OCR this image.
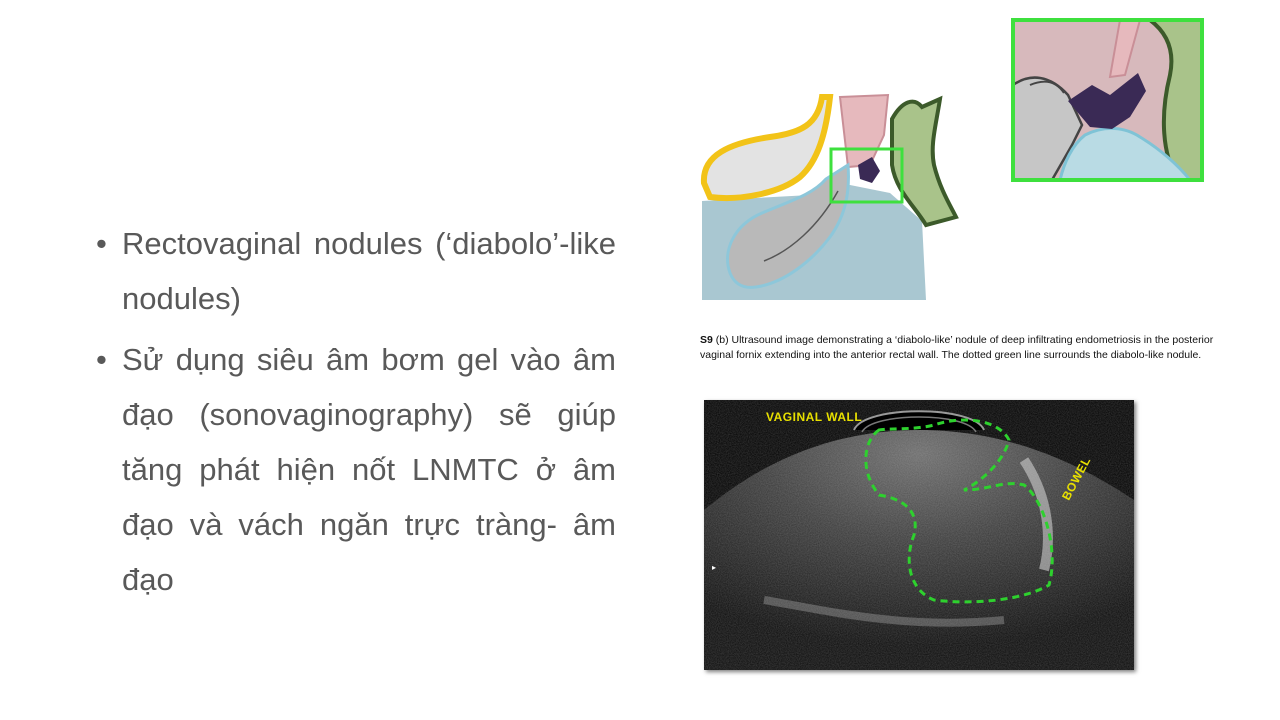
• Rectovaginal nodules (‘diabolo’-like nodules)
• Sử dụng siêu âm bơm gel vào âm đạo (sonovaginography) sẽ giúp tăng phát hiện nốt LNMTC ở âm đạo và vách ngăn trực tràng- âm đạo
S9 (b) Ultrasound image demonstrating a ‘diabolo-like’ nodule of deep infiltrating endometriosis in the posterior vaginal fornix extending into the anterior rectal wall. The dotted green line surrounds the diabolo-like nodule.
▸
VAGINAL WALL
BOWEL
